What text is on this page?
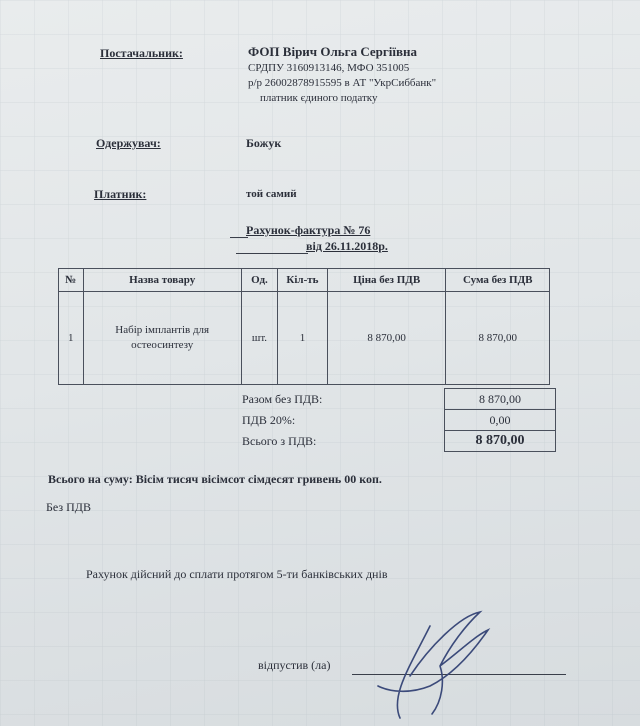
Постачальник:	ФОП Вірич Ольга Сергіївна
СРДПУ 3160913146, МФО 351005
р/р 26002878915595 в АТ "УкрСиббанк"
платник єдиного податку
Одержувач:	Божук
Платник:	той самий
Рахунок-фактура № 76
від 26.11.2018р.
№	Назва товару	Од.	Кіл-ть	Ціна без ПДВ	Сума без ПДВ
1	Набір імплантів для остеосинтезу	шт.	1	8 870,00	8 870,00
Разом без ПДВ:	8 870,00
ПДВ 20%:	0,00
Всього з ПДВ:	8 870,00
Всього на суму: Вісім тисяч вісімсот сімдесят гривень 00 коп.
Без ПДВ
Рахунок дійсний до сплати протягом 5-ти банківських днів
відпустив (ла)
